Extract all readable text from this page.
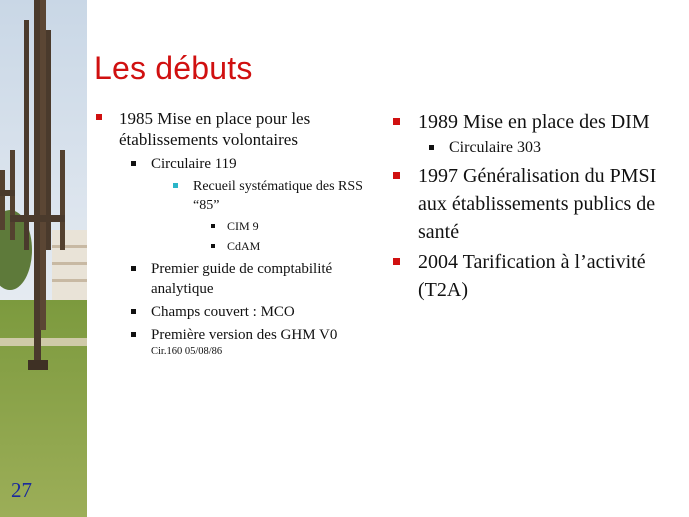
27
Les débuts
1985 Mise en place pour les établissements volontaires
Circulaire 119
Recueil systématique des RSS “85”
CIM 9
CdAM
Premier guide de comptabilité analytique
Champs couvert : MCO
Première version des GHM V0
Cir.160 05/08/86
1989 Mise en place des DIM
Circulaire 303
1997 Généralisation du PMSI aux établissements publics de santé
2004 Tarification à l’activité (T2A)
